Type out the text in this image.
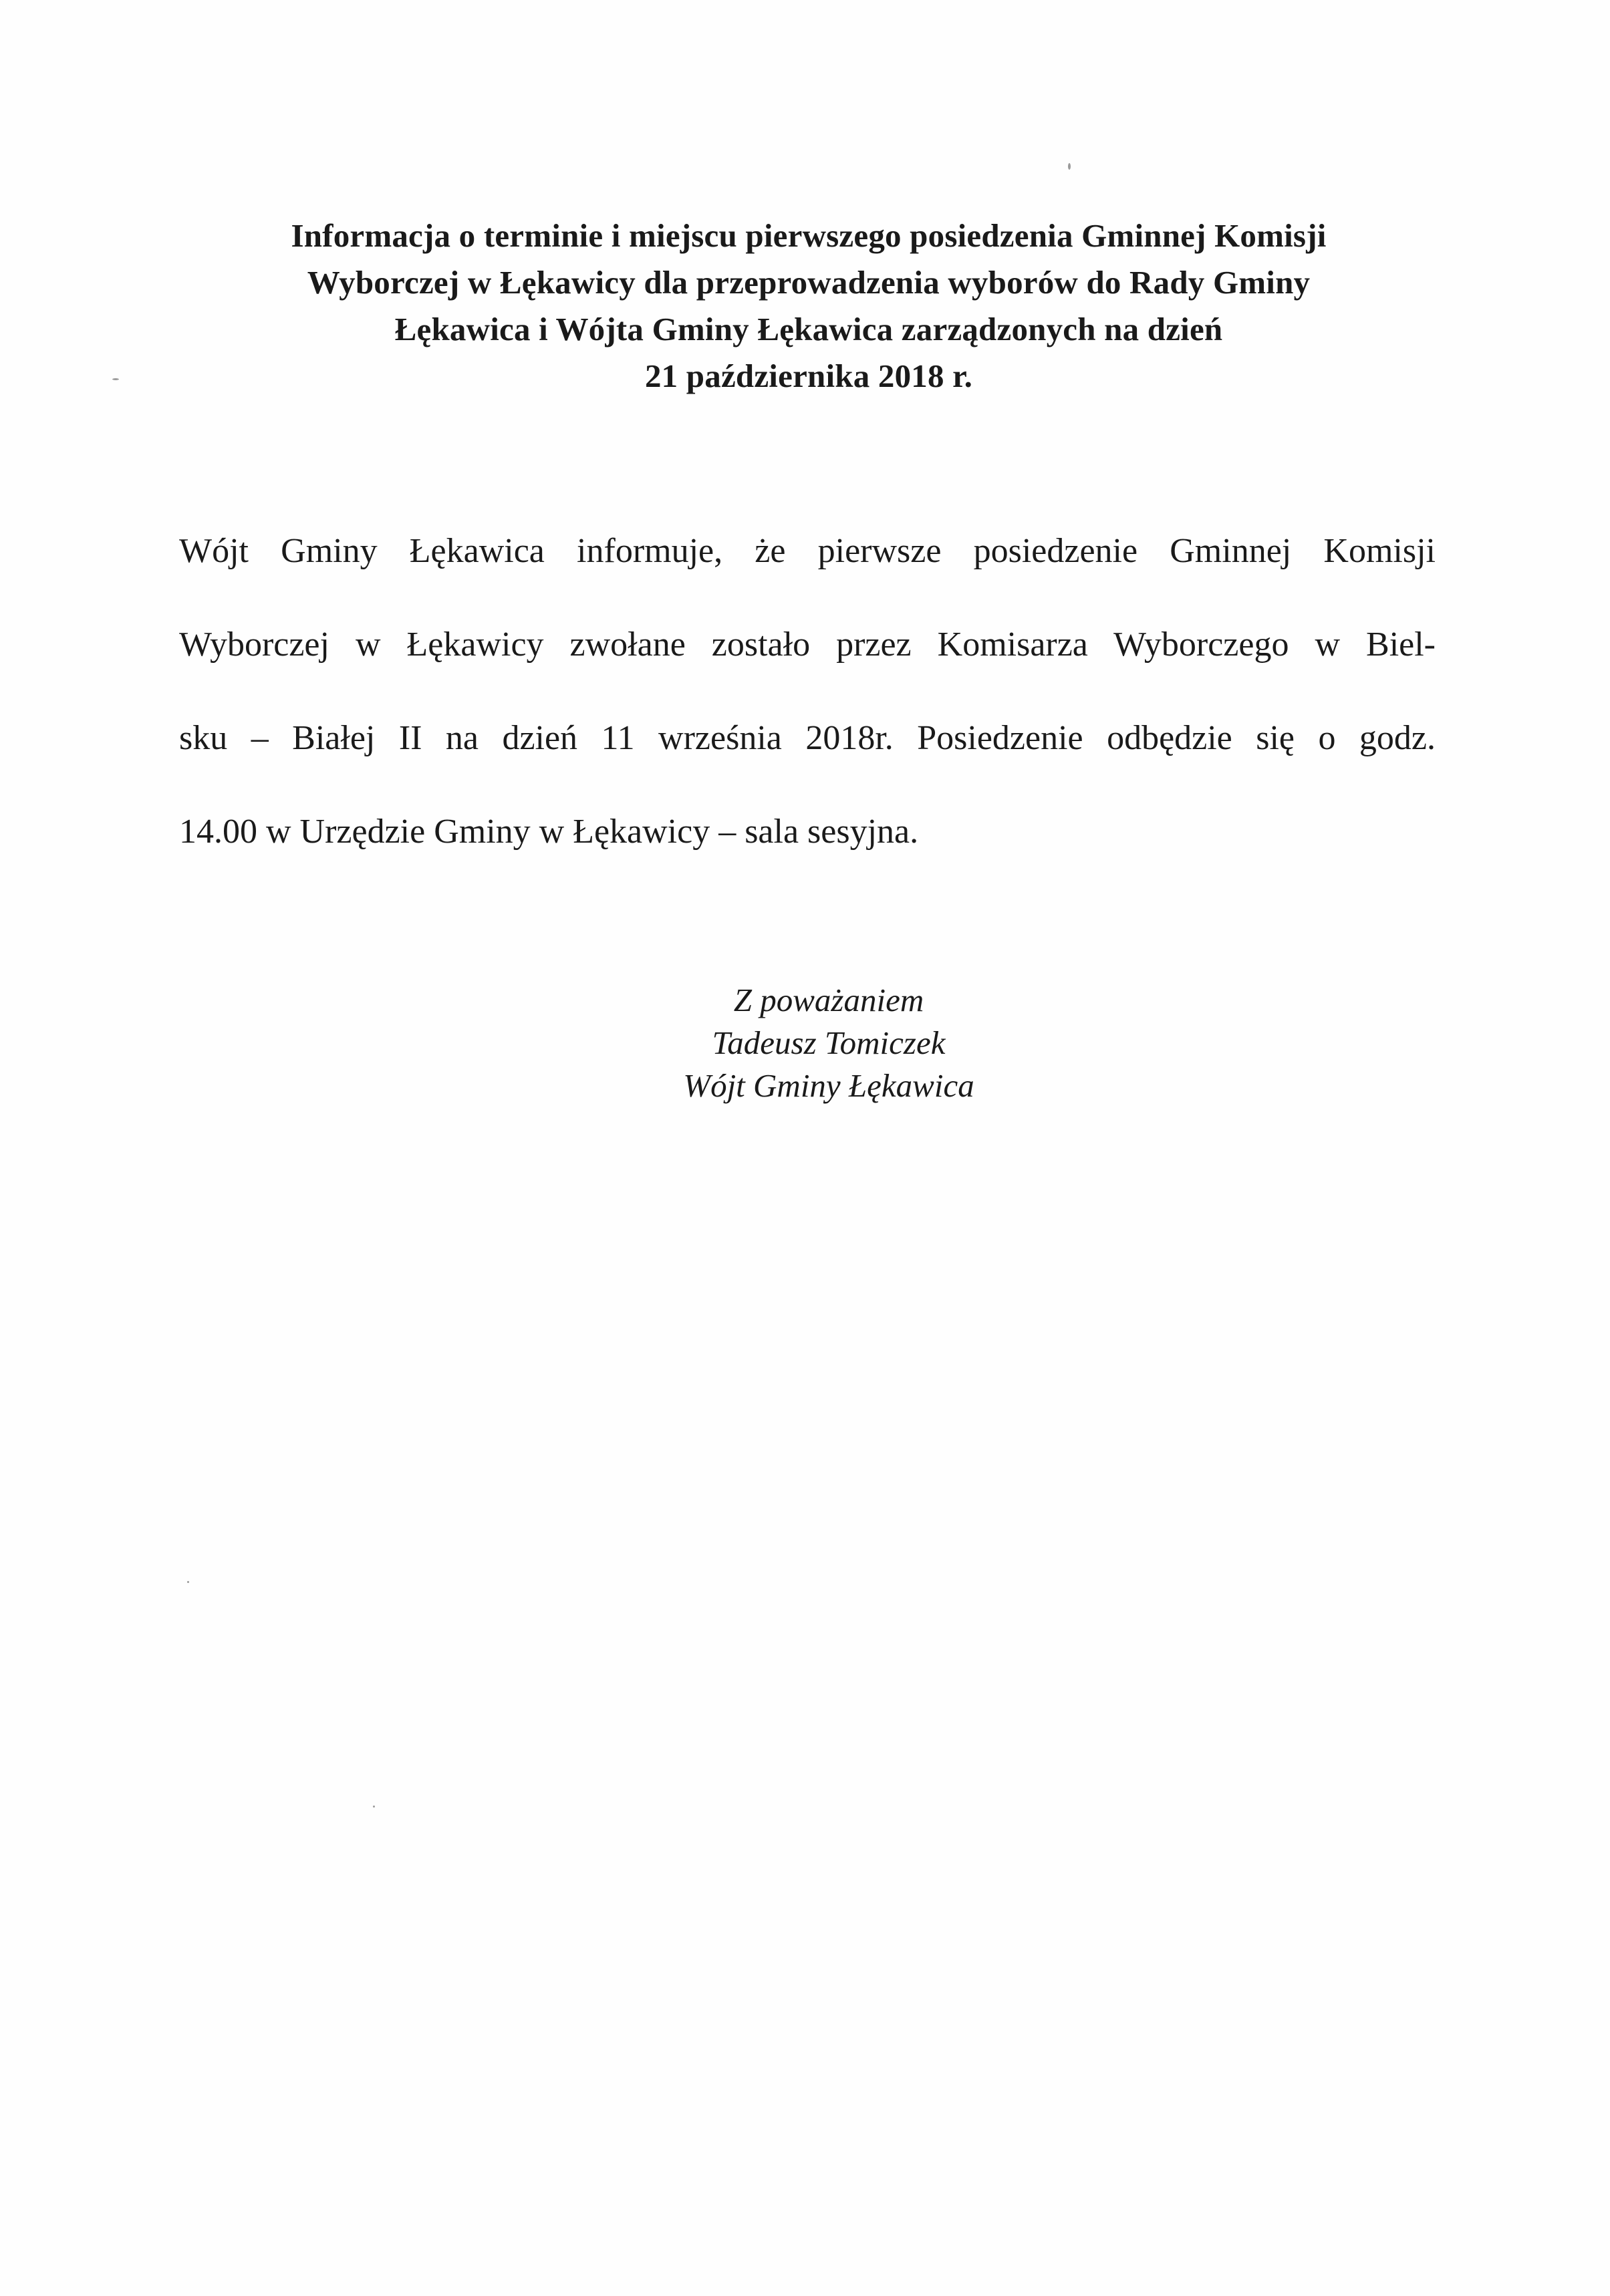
Informacja o terminie i miejscu pierwszego posiedzenia Gminnej Komisji
Wyborczej w Łękawicy dla przeprowadzenia wyborów do Rady Gminy
Łękawica i Wójta Gminy Łękawica zarządzonych na dzień
21 października 2018 r.
Wójt Gminy Łękawica informuje, że pierwsze posiedzenie Gminnej Komisji
Wyborczej w Łękawicy zwołane zostało przez Komisarza Wyborczego w Biel-
sku – Białej II na dzień 11 września 2018r. Posiedzenie odbędzie się o godz.
14.00 w Urzędzie Gminy w Łękawicy – sala sesyjna.
Z poważaniem
Tadeusz Tomiczek
Wójt Gminy Łękawica
